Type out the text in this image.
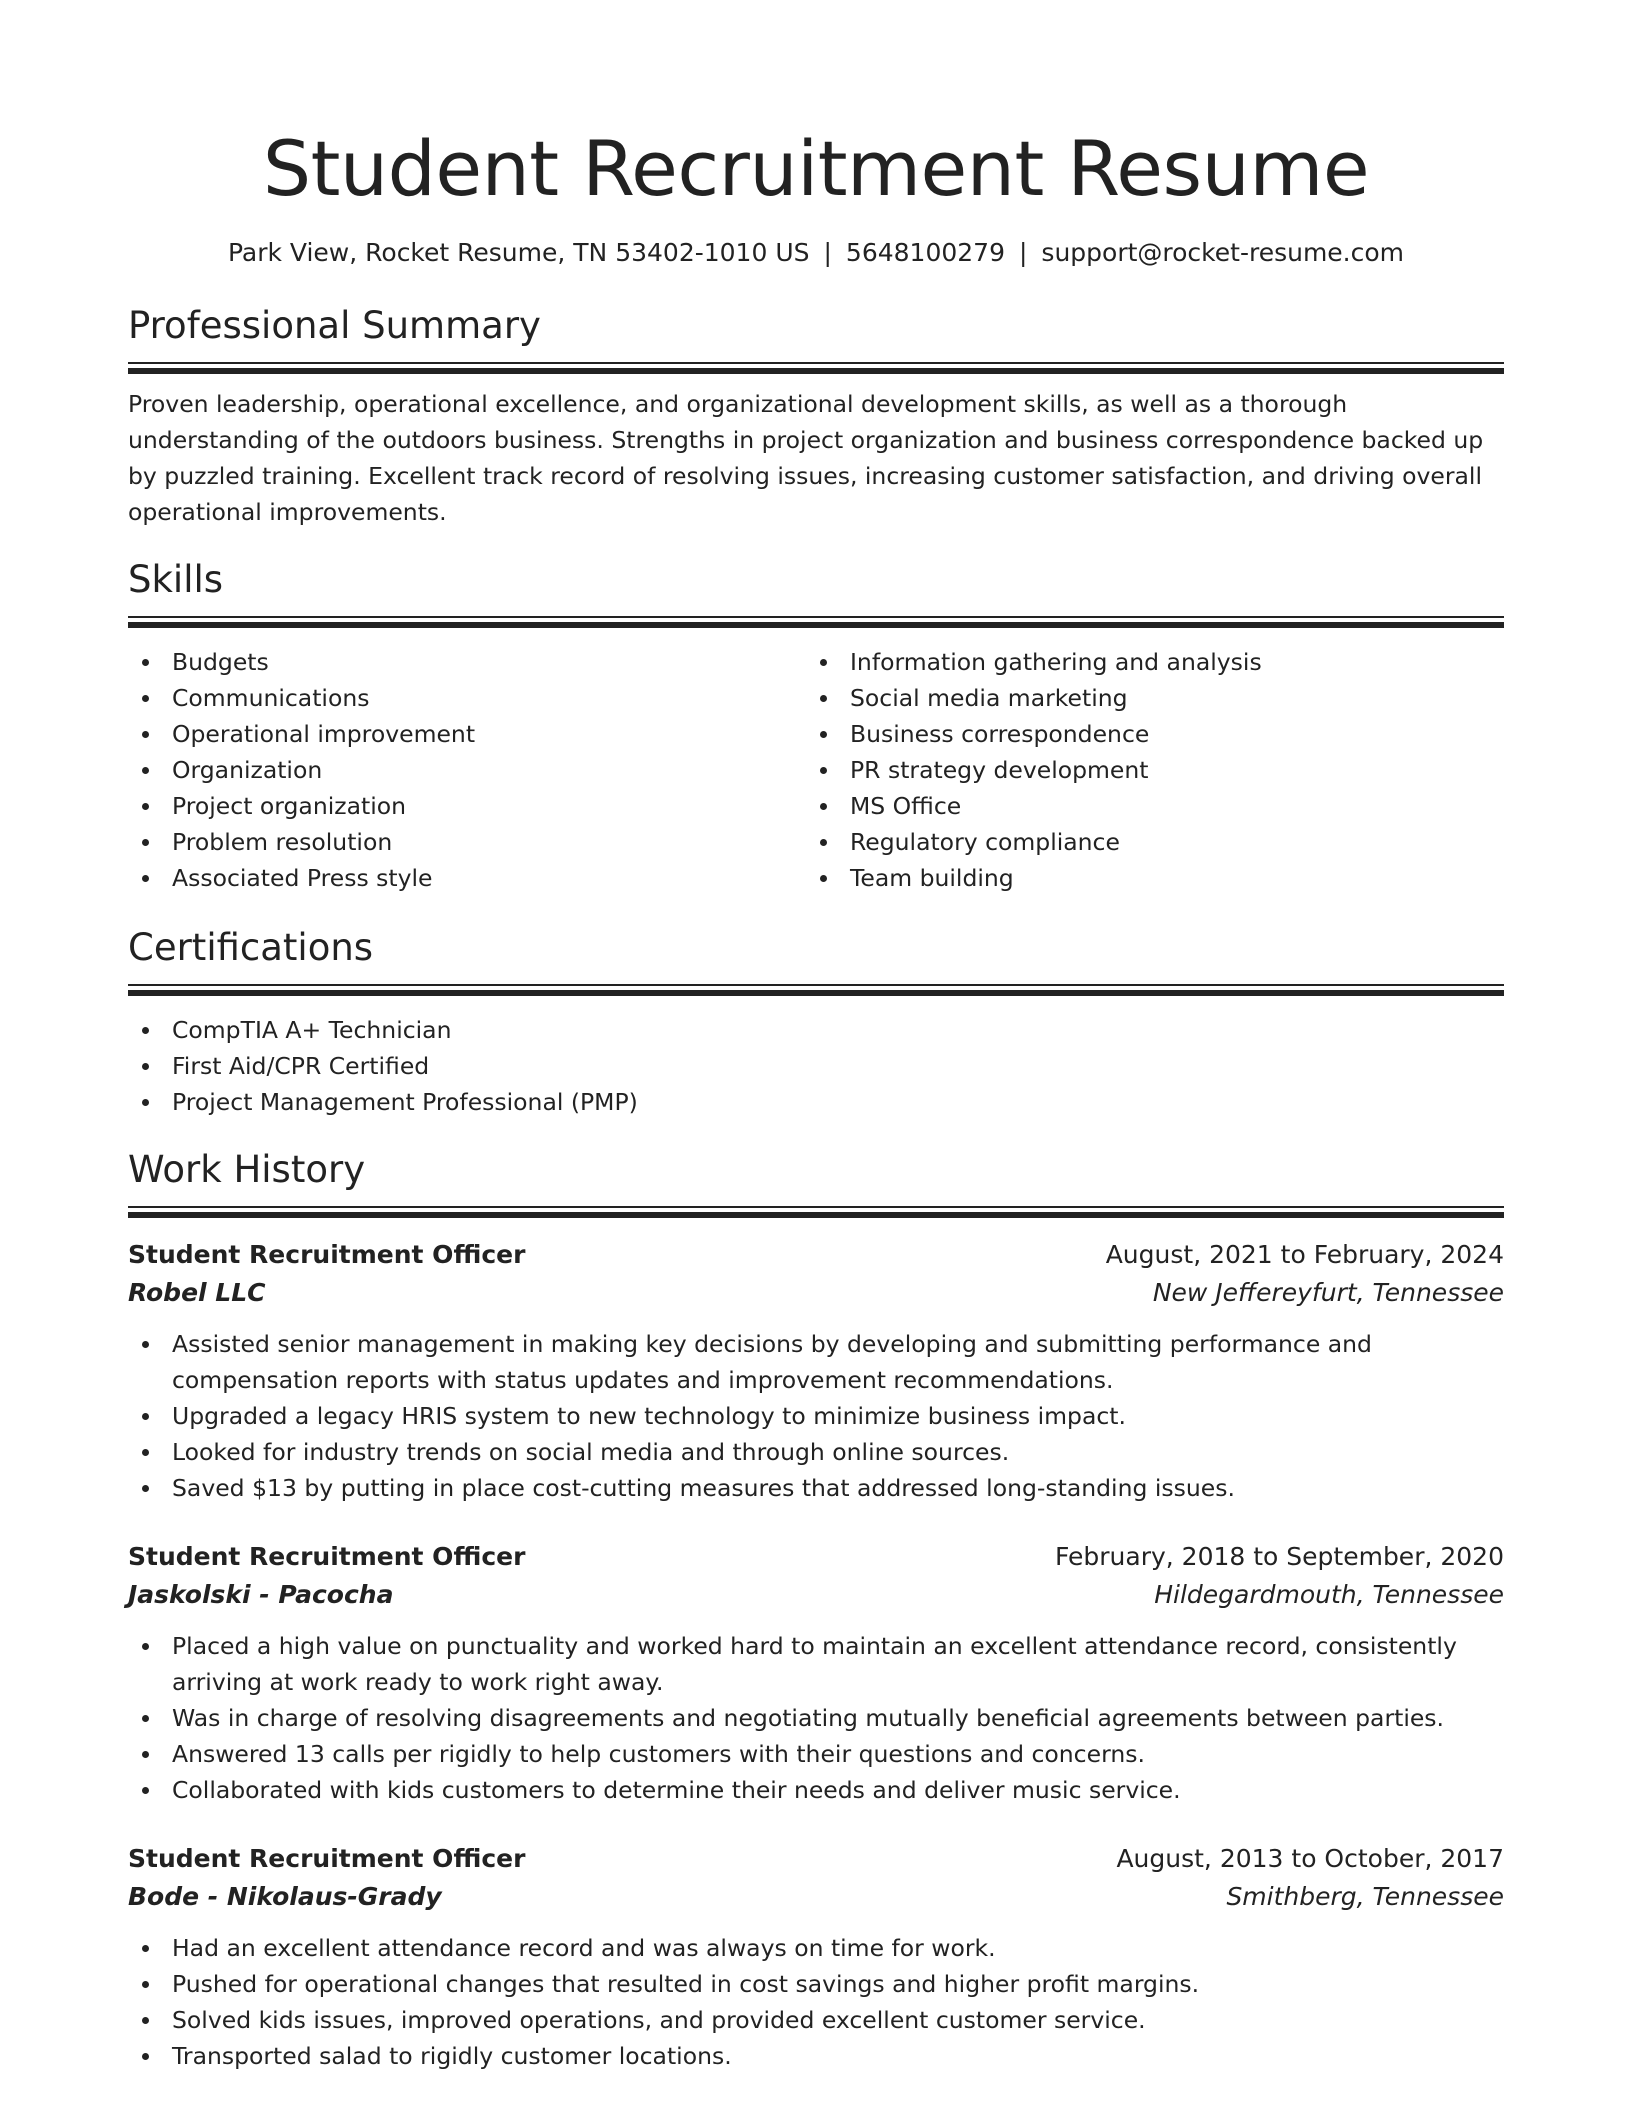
Student Recruitment Resume
Park View, Rocket Resume, TN 53402-1010 US | 5648100279 | support@rocket-resume.com
Professional Summary

Proven leadership, operational excellence, and organizational development skills, as well as a thorough understanding of the outdoors business. Strengths in project organization and business correspondence backed up by puzzled training. Excellent track record of resolving issues, increasing customer satisfaction, and driving overall operational improvements.

Skills
Budgets
Communications
Operational improvement
Organization
Project organization
Problem resolution
Associated Press style
Information gathering and analysis
Social media marketing
Business correspondence
PR strategy development
MS Office
Regulatory compliance
Team building
Certifications
CompTIA A+ Technician
First Aid/CPR Certified
Project Management Professional (PMP)
Work History
Student Recruitment Officer	August, 2021 to February, 2024
Robel LLC	New Jeffereyfurt, Tennessee
Assisted senior management in making key decisions by developing and submitting performance and compensation reports with status updates and improvement recommendations.
Upgraded a legacy HRIS system to new technology to minimize business impact.
Looked for industry trends on social media and through online sources.
Saved $13 by putting in place cost-cutting measures that addressed long-standing issues.
Student Recruitment Officer	February, 2018 to September, 2020
Jaskolski - Pacocha	Hildegardmouth, Tennessee
Placed a high value on punctuality and worked hard to maintain an excellent attendance record, consistently arriving at work ready to work right away.
Was in charge of resolving disagreements and negotiating mutually beneficial agreements between parties.
Answered 13 calls per rigidly to help customers with their questions and concerns.
Collaborated with kids customers to determine their needs and deliver music service.
Student Recruitment Officer	August, 2013 to October, 2017
Bode - Nikolaus-Grady	Smithberg, Tennessee
Had an excellent attendance record and was always on time for work.
Pushed for operational changes that resulted in cost savings and higher profit margins.
Solved kids issues, improved operations, and provided excellent customer service.
Transported salad to rigidly customer locations.
